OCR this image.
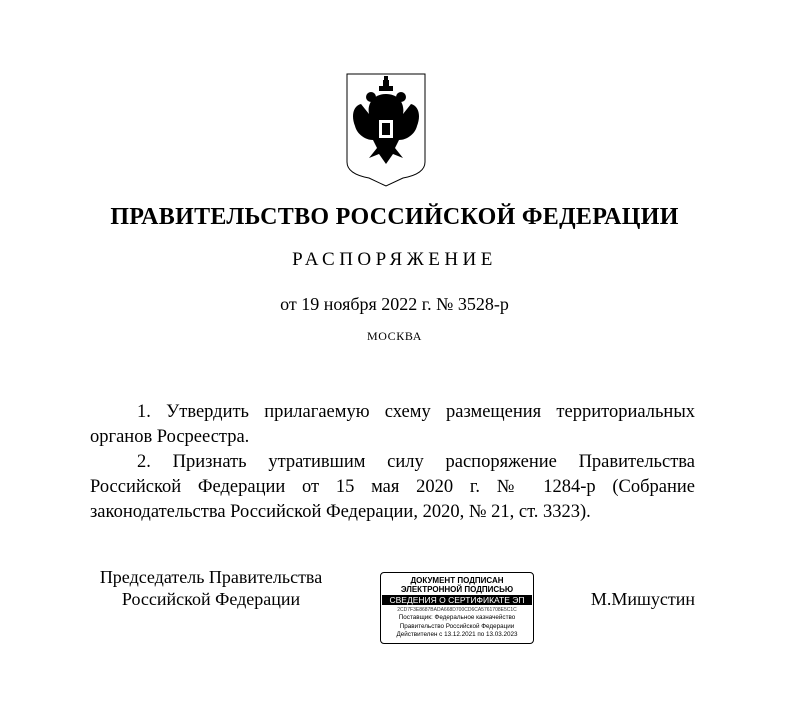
ПРАВИТЕЛЬСТВО РОССИЙСКОЙ ФЕДЕРАЦИИ
РАСПОРЯЖЕНИЕ
от 19 ноября 2022 г. № 3528-р
МОСКВА

1. Утвердить прилагаемую схему размещения территориальных органов Росреестра.

2. Признать утратившим силу распоряжение Правительства Российской Федерации от 15 мая 2020 г. № 1284-р (Собрание законодательства Российской Федерации, 2020, № 21, ст. 3323).

Председатель Правительства
Российской Федерации
ДОКУМЕНТ ПОДПИСАН
ЭЛЕКТРОННОЙ ПОДПИСЬЮ
СВЕДЕНИЯ О СЕРТИФИКАТЕ ЭП
2CD7F3E8687BADA668D700CD6CA5761708E5C1C
Поставщик: Федеральное казначейство
Правительство Российской Федерации
Действителен с 13.12.2021 по 13.03.2023
М.Мишустин
